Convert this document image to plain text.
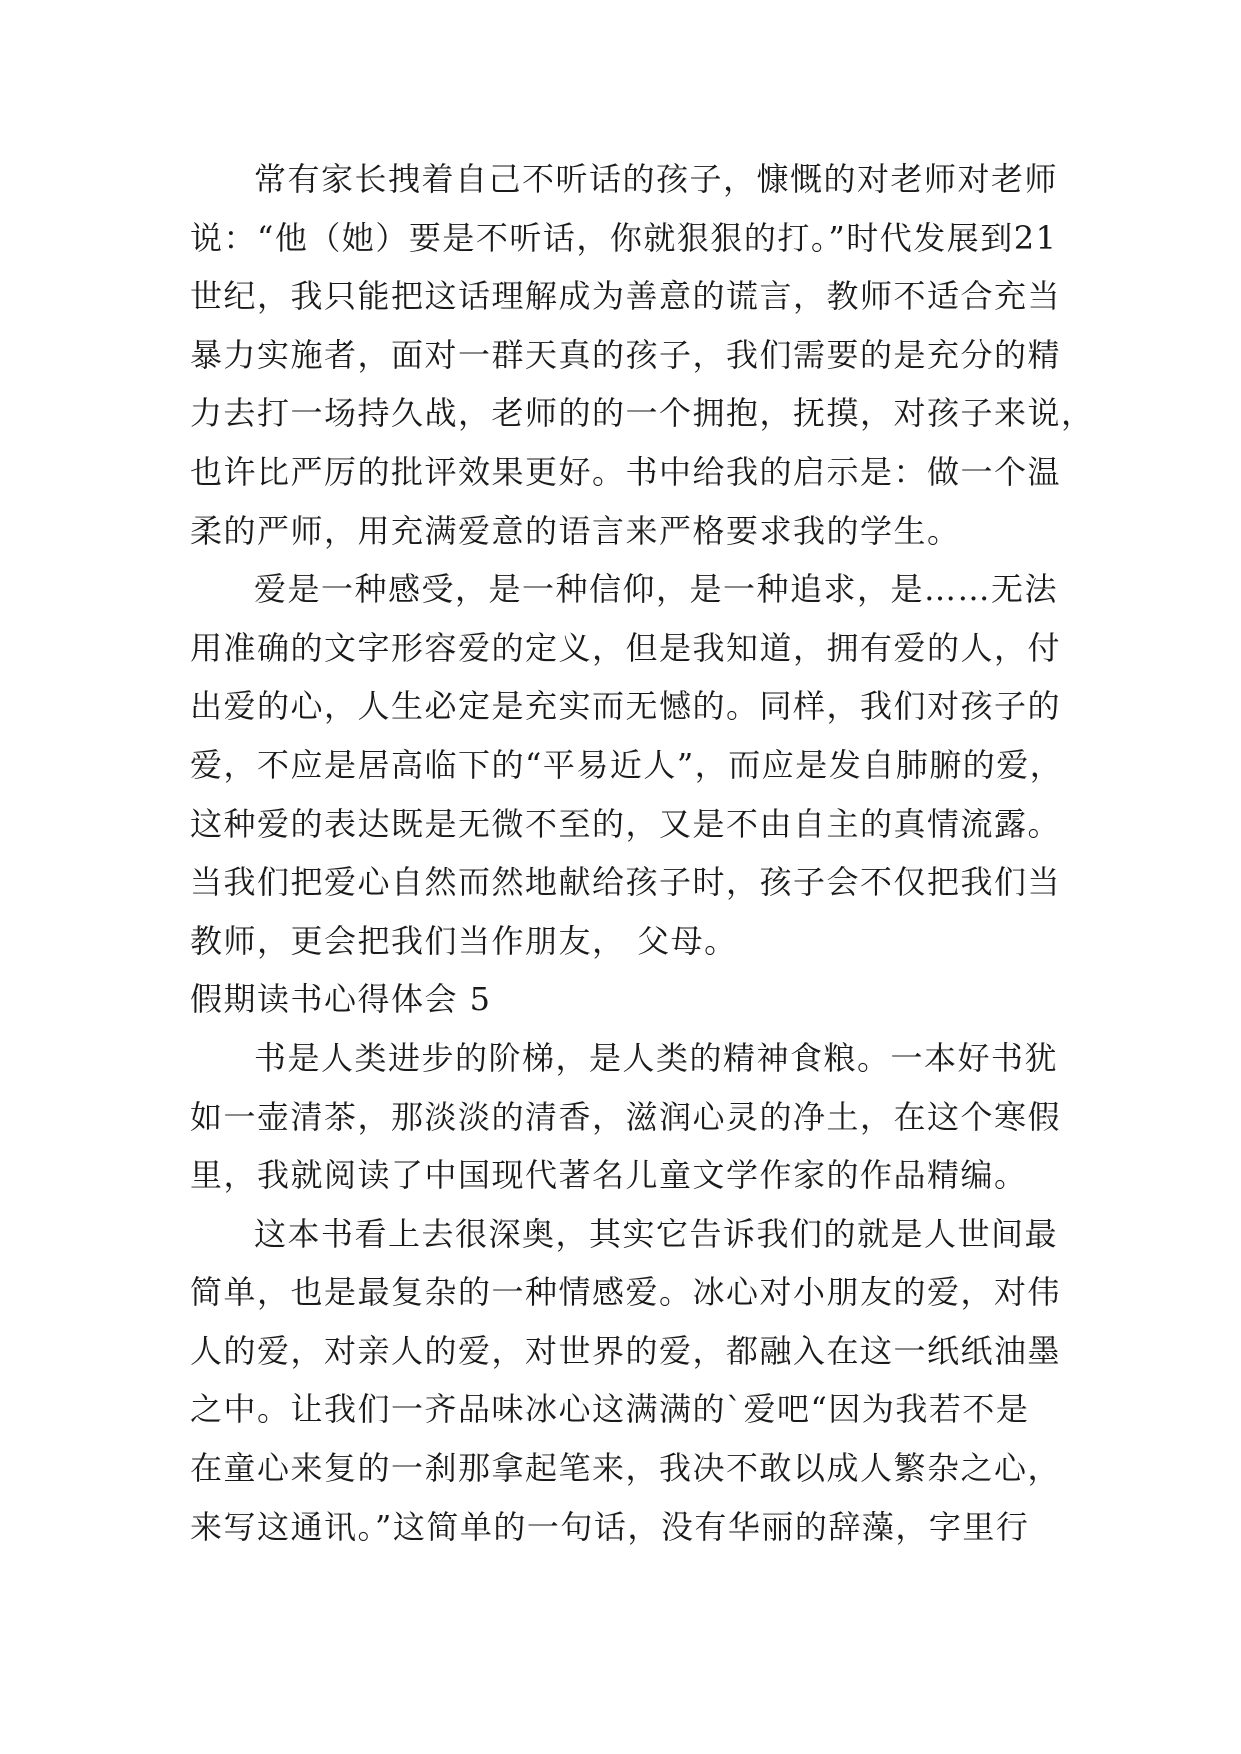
常有家长拽着自己不听话的孩子，慷慨的对老师对老师
说：“他（她）要是不听话，你就狠狠的打。”时代发展到21
世纪，我只能把这话理解成为善意的谎言，教师不适合充当
暴力实施者，面对一群天真的孩子，我们需要的是充分的精
力去打一场持久战，老师的的一个拥抱，抚摸，对孩子来说，
也许比严厉的批评效果更好。书中给我的启示是：做一个温
柔的严师，用充满爱意的语言来严格要求我的学生。
爱是一种感受，是一种信仰，是一种追求，是……无法
用准确的文字形容爱的定义，但是我知道，拥有爱的人，付
出爱的心，人生必定是充实而无憾的。同样，我们对孩子的
爱，不应是居高临下的“平易近人”，而应是发自肺腑的爱，
这种爱的表达既是无微不至的，又是不由自主的真情流露。
当我们把爱心自然而然地献给孩子时，孩子会不仅把我们当
教师，更会把我们当作朋友， 父母。
假期读书心得体会 5
书是人类进步的阶梯，是人类的精神食粮。一本好书犹
如一壶清茶，那淡淡的清香，滋润心灵的净土，在这个寒假
里，我就阅读了中国现代著名儿童文学作家的作品精编。
这本书看上去很深奥，其实它告诉我们的就是人世间最
简单，也是最复杂的一种情感爱。冰心对小朋友的爱，对伟
人的爱，对亲人的爱，对世界的爱，都融入在这一纸纸油墨
之中。让我们一齐品味冰心这满满的`爱吧“因为我若不是
在童心来复的一刹那拿起笔来，我决不敢以成人繁杂之心，
来写这通讯。”这简单的一句话，没有华丽的辞藻，字里行
